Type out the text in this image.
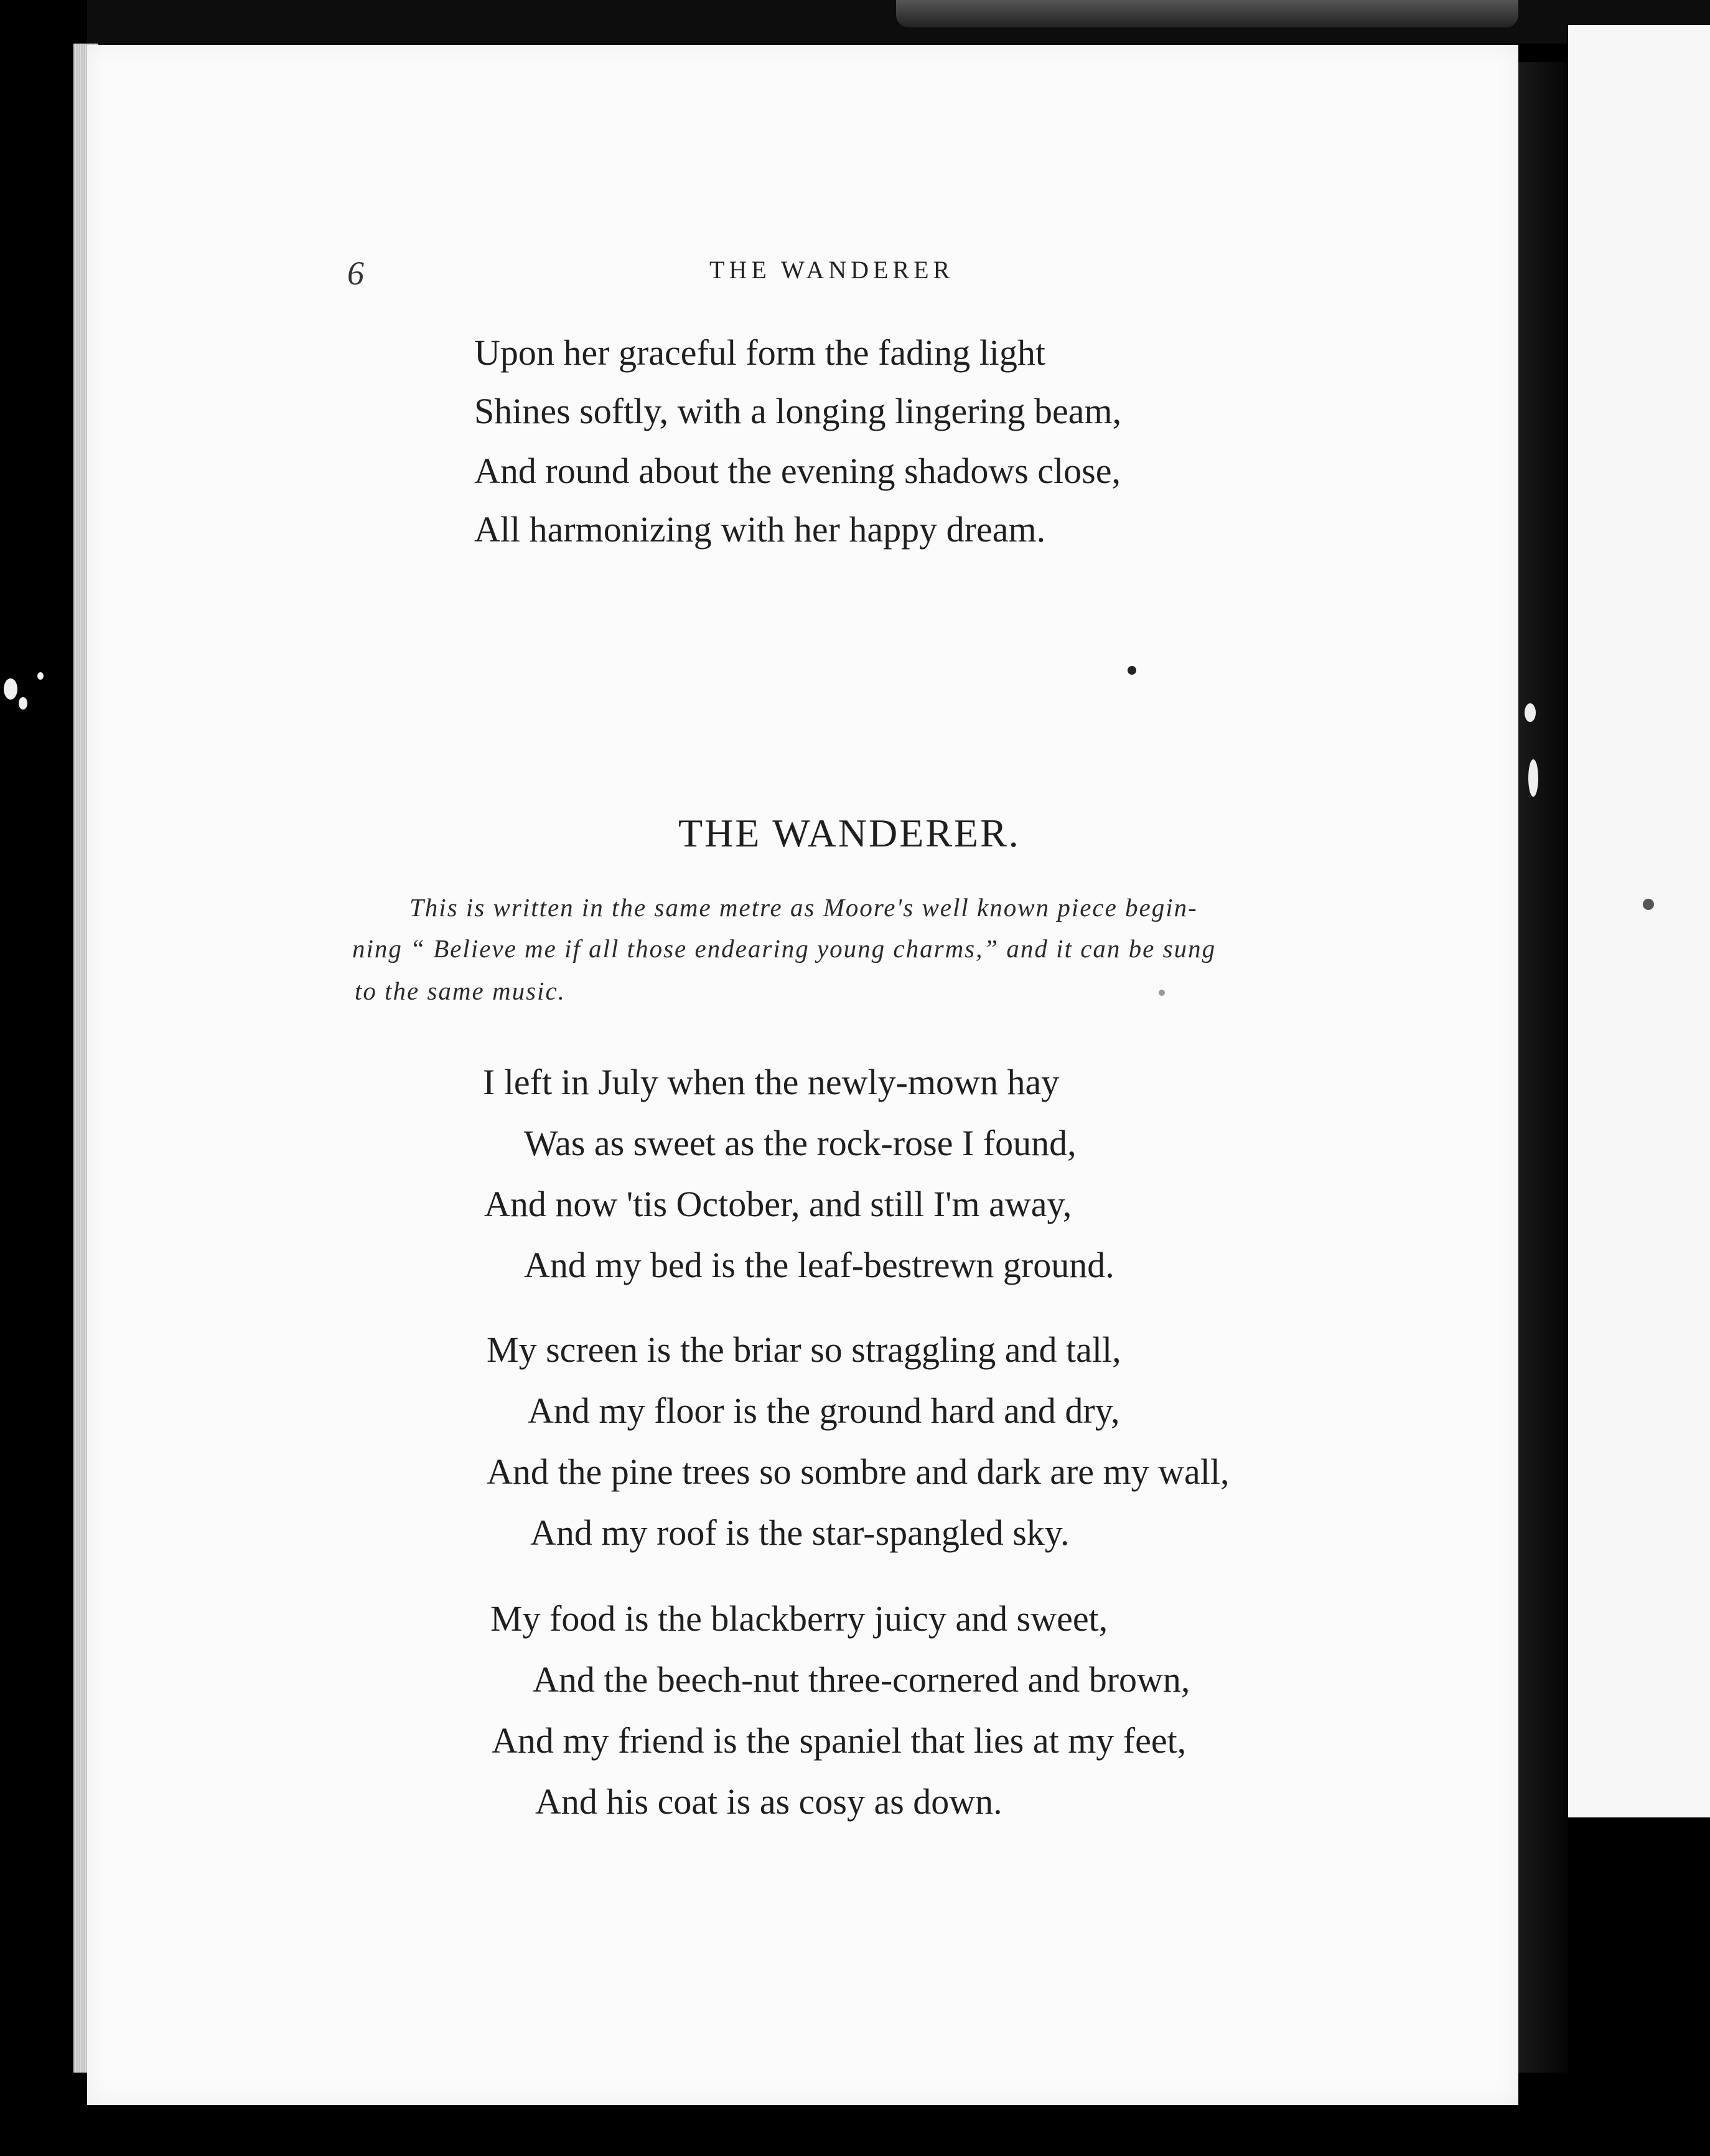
6	THE WANDERER
Upon her graceful form the fading light
Shines softly, with a longing lingering beam,
And round about the evening shadows close,
All harmonizing with her happy dream.
THE WANDERER.
This is written in the same metre as Moore's well known piece begin-
ning “ Believe me if all those endearing young charms,” and it can be sung
to the same music.
I left in July when the newly-mown hay
Was as sweet as the rock-rose I found,
And now 'tis October, and still I'm away,
And my bed is the leaf-bestrewn ground.
My screen is the briar so straggling and tall,
And my floor is the ground hard and dry,
And the pine trees so sombre and dark are my wall,
And my roof is the star-spangled sky.
My food is the blackberry juicy and sweet,
And the beech-nut three-cornered and brown,
And my friend is the spaniel that lies at my feet,
And his coat is as cosy as down.
